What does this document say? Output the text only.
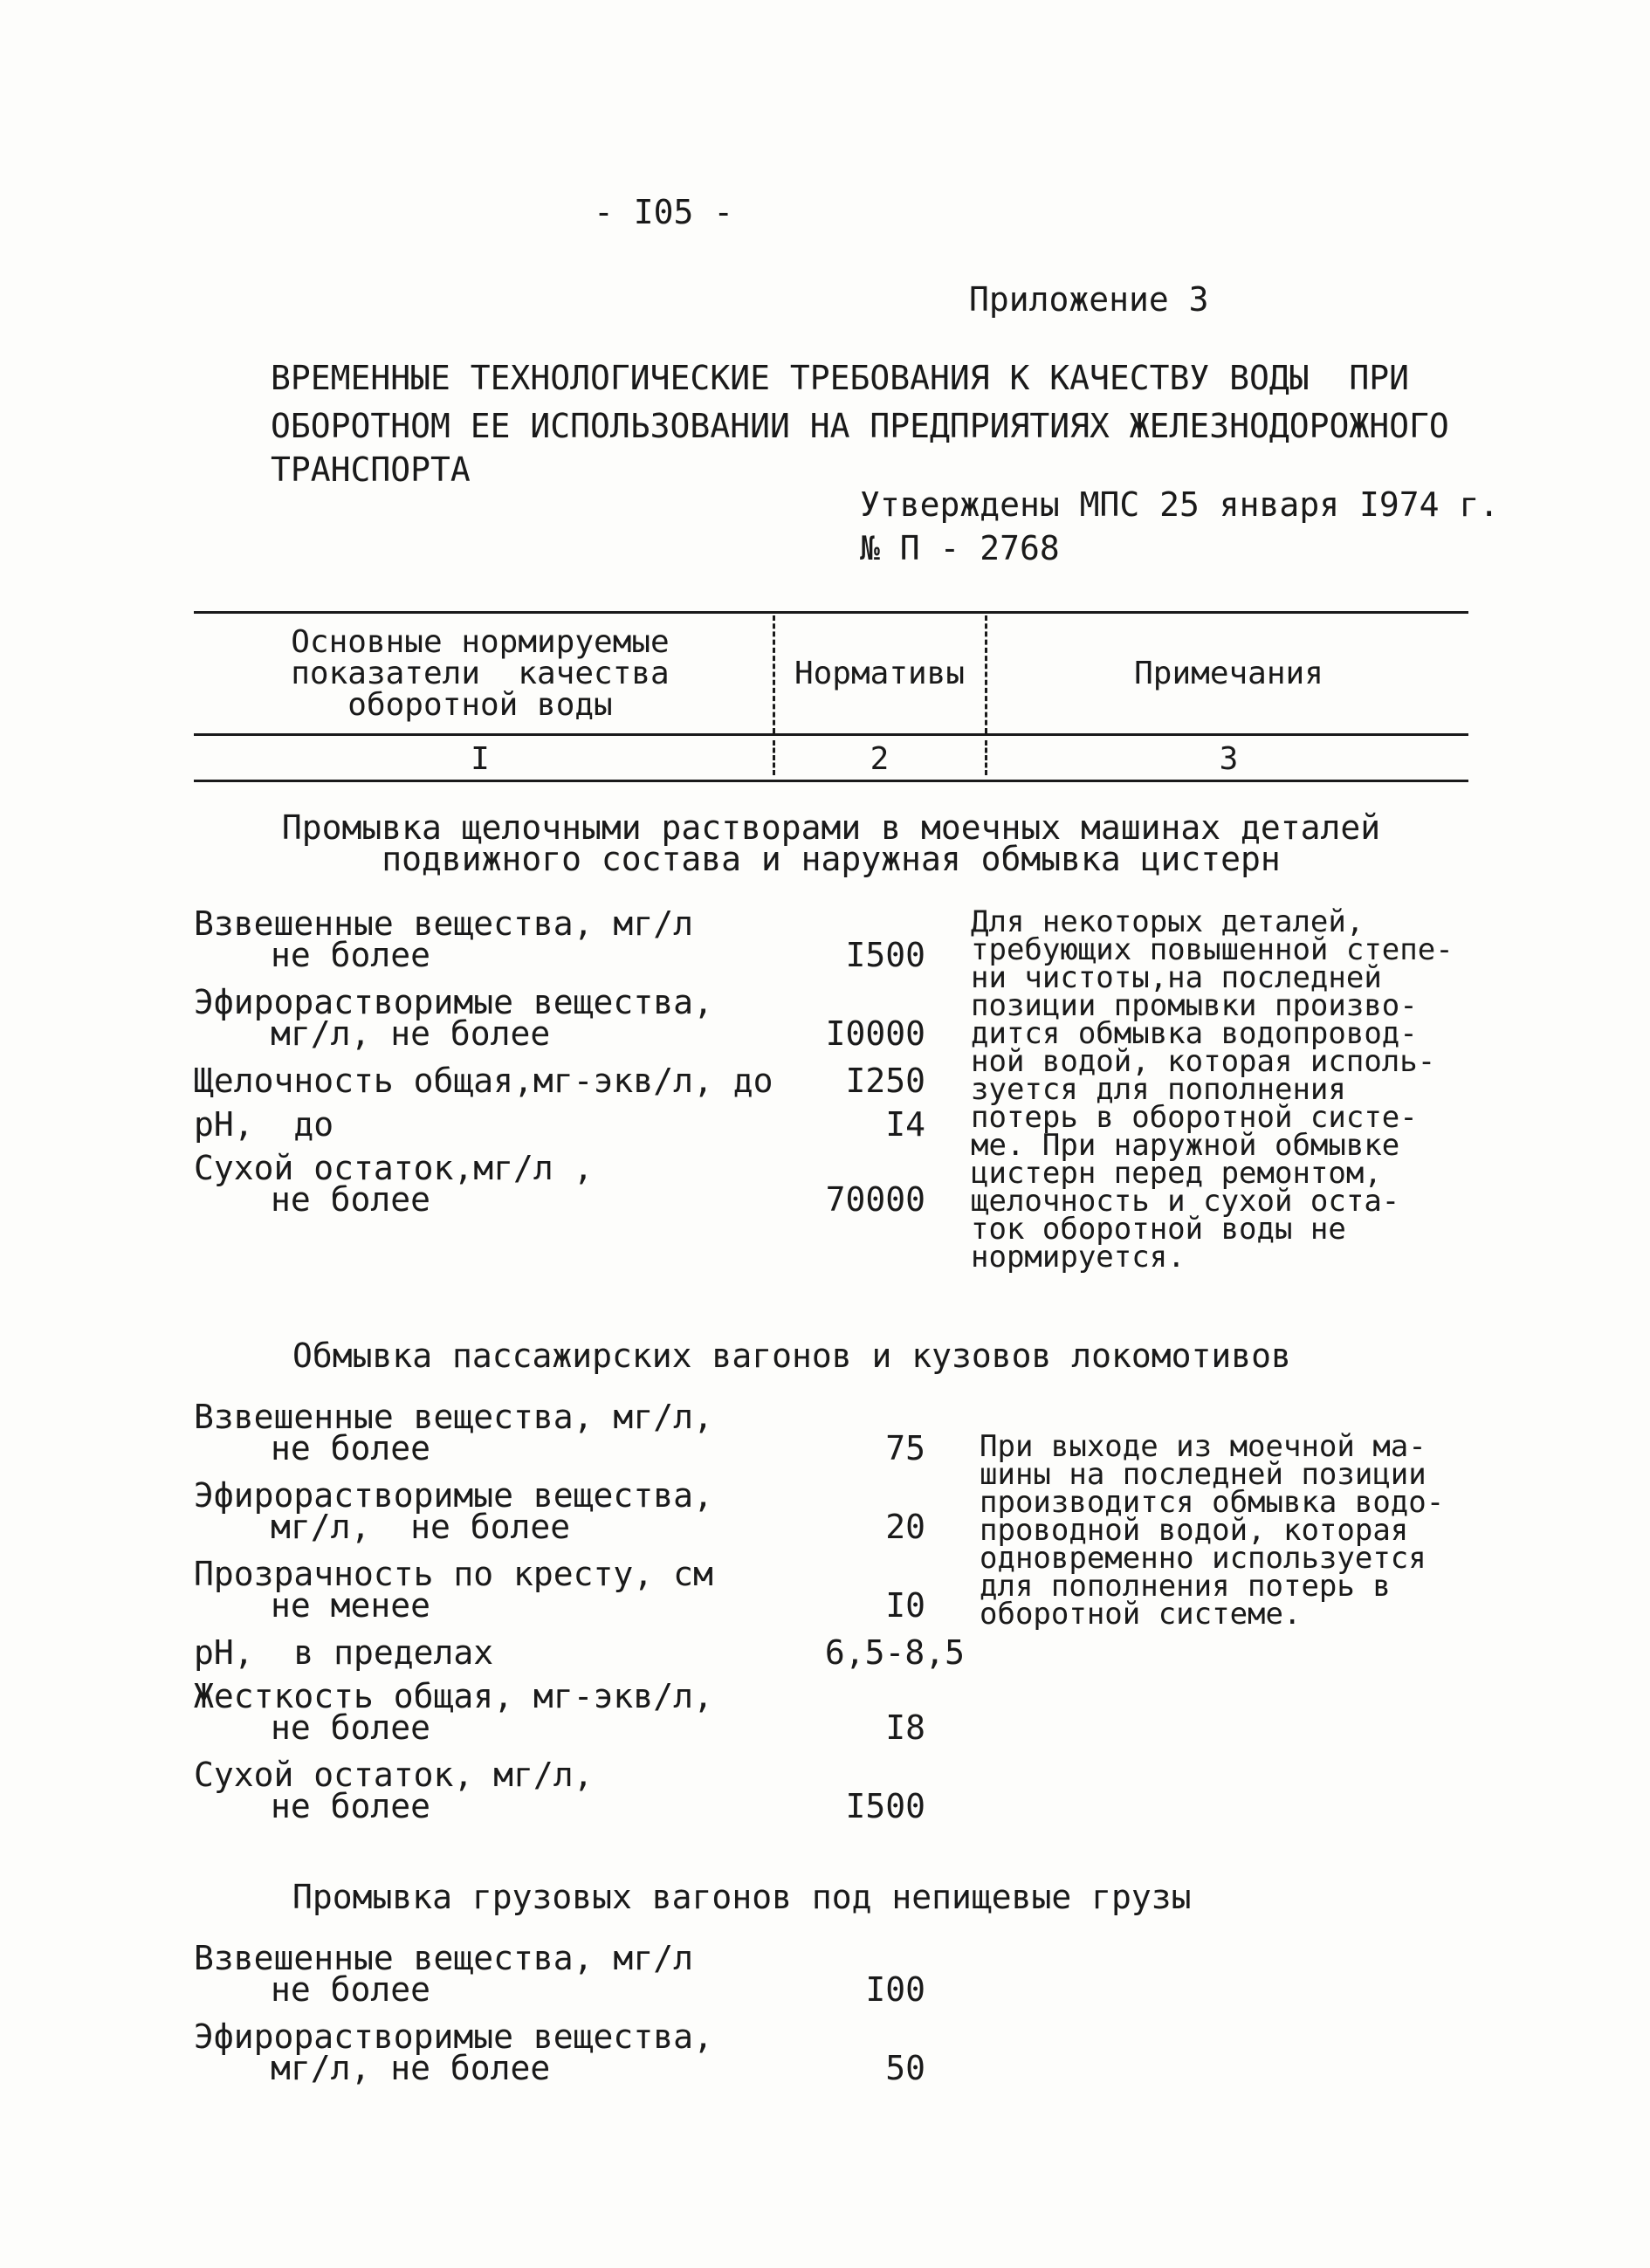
- I05 -
Приложение 3
ВРЕМЕННЫЕ ТЕХНОЛОГИЧЕСКИЕ ТРЕБОВАНИЯ К КАЧЕСТВУ ВОДЫ  ПРИ
ОБОРОТНОМ ЕЕ ИСПОЛЬЗОВАНИИ НА ПРЕДПРИЯТИЯХ ЖЕЛЕЗНОДОРОЖНОГО
ТРАНСПОРТА
Утверждены МПС 25 января I974 г.
№ П - 2768
Основные нормируемые
показатели  качества
оборотной воды
Нормативы	Примечания
I	2	3
Промывка щелочными растворами в моечных машинах деталей
подвижного состава и наружная обмывка цистерн
Взвешенные вещества, мг/л
не более	I500
Эфирорастворимые вещества,
мг/л, не более	I0000
Щелочность общая,мг-экв/л, до	I250
pH,  до	I4
Сухой остаток,мг/л ,
не более	70000
Для некоторых деталей,
требующих повышенной степе-
ни чистоты,на последней
позиции промывки произво-
дится обмывка водопровод-
ной водой, которая исполь-
зуется для пополнения
потерь в оборотной систе-
ме. При наружной обмывке
цистерн перед ремонтом,
щелочность и сухой оста-
ток оборотной воды не
нормируется.
Обмывка пассажирских вагонов и кузовов локомотивов
Взвешенные вещества, мг/л,
не более	75
Эфирорастворимые вещества,
мг/л,  не более	20
Прозрачность по кресту, см
не менее	I0
pH,  в пределах	6,5-8,5
Жесткость общая, мг-экв/л,
не более	I8
Сухой остаток, мг/л,
не более	I500
При выходе из моечной ма-
шины на последней позиции
производится обмывка водо-
проводной водой, которая
одновременно используется
для пополнения потерь в
оборотной системе.
Промывка грузовых вагонов под непищевые грузы
Взвешенные вещества, мг/л
не более	I00
Эфирорастворимые вещества,
мг/л, не более	50
